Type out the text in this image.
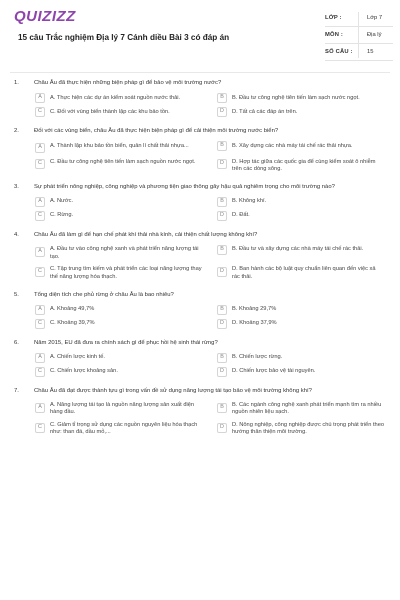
QUIZIZZ
15 câu Trắc nghiệm Địa lý 7 Cánh diều Bài 3 có đáp án
LỚP :	Lớp 7
MÔN :	Địa lý
SỐ CÂU : 15
1.	Châu Âu đã thực hiện những biện pháp gì để bảo vệ môi trường nước?
A	A. Thực hiện các dự án kiểm soát nguồn nước thải.	B	B. Đầu tư công nghệ tiên tiến làm sạch nước ngọt.
C	C. Đối với vùng biển thành lập các khu bảo tồn.	D	D. Tất cả các đáp án trên.
2.	Đối với các vùng biển, châu Âu đã thực hiện biện pháp gì để cải thiện môi trường nước biển?
A	A. Thành lập khu bảo tồn biển, quản lí chất thải nhựa...	B	B. Xây dựng các nhà máy tái chế rác thải nhựa.
C	C. Đầu tư công nghệ tiên tiến làm sạch nguồn nước ngọt.	D	D. Hợp tác giữa các quốc gia để cùng kiểm soát ô nhiễm trên các dòng sông.
3.	Sự phát triển nông nghiệp, công nghiệp và phương tiện giao thông gây hậu quả nghiêm trọng cho môi trường nào?
A	A. Nước.	B	B. Không khí.
C	C. Rừng.	D	D. Đất.
4.	Châu Âu đã làm gì để hạn chế phát khí thải nhà kính, cải thiện chất lượng không khí?
A	A. Đầu tư vào công nghệ xanh và phát triển năng lượng tái tạo.
B	B. Đầu tư và xây dựng các nhà máy tái chế rác thải.
C	C. Tập trung tìm kiếm và phát triển các loại năng lượng thay thế năng lượng hóa thạch.
D	D. Ban hành các bộ luật quy chuẩn liên quan đến việc xả rác thải.
5.	Tổng diện tích che phủ rừng ở châu Âu là bao nhiêu?
A	A. Khoảng 49,7%	B	B. Khoảng 29,7%
C	C. Khoảng 39,7%	D	D. Khoảng 37,9%
6.	Năm 2015, EU đã đưa ra chính sách gì để phục hồi hệ sinh thái rừng?
A	A. Chiến lược kinh tế.	B	B. Chiến lược rừng.
C	C. Chiến lược khoảng sản.	D	D. Chiến lược bảo vệ tài nguyên.
7.	Châu Âu đã đạt được thành tựu gì trong vấn đề sử dụng năng lượng tái tạo bảo vệ môi trường không khí?
A	A. Năng lượng tái tạo là nguồn năng lượng sản xuất điện hàng đầu.
B	B. Các ngành công nghệ xanh phát triển mạnh tìm ra nhiều nguồn nhiên liệu sạch.
C	C. Giảm tỉ trọng sử dụng các nguồn nguyên liệu hóa thạch như: than đá, dầu mỏ,...
D	D. Nông nghiệp, công nghiệp được chú trọng phát triển theo hướng thân thiện môi trường.
